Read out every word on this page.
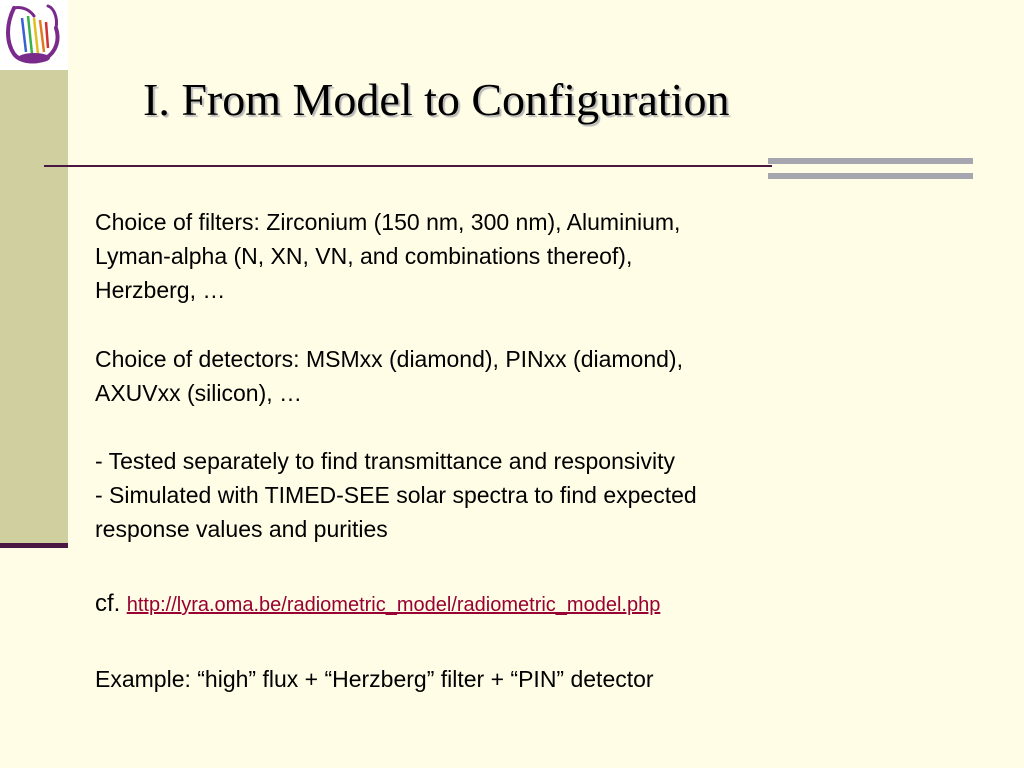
I. From Model to Configuration

Choice of filters: Zirconium (150 nm, 300 nm), Aluminium,

Lyman-alpha (N, XN, VN, and combinations thereof),

Herzberg, …

Choice of detectors: MSMxx (diamond), PINxx (diamond),

AXUVxx (silicon), …

- Tested separately to find transmittance and responsivity

- Simulated with TIMED-SEE solar spectra to find expected

response values and purities

cf. http://lyra.oma.be/radiometric_model/radiometric_model.php

Example: “high” flux + “Herzberg” filter + “PIN” detector
